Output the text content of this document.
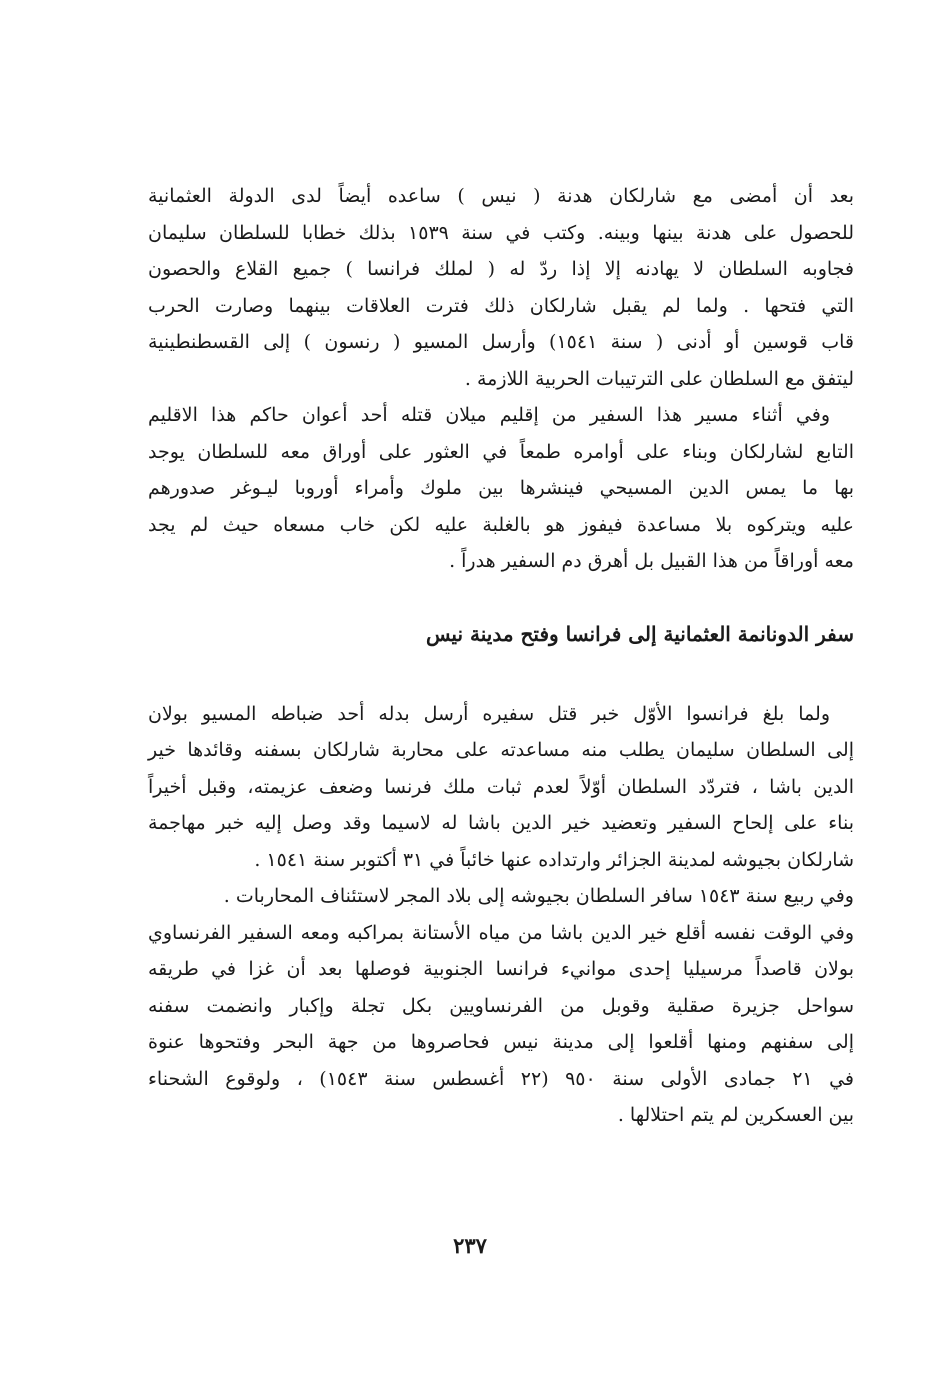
بعد أن أمضى مع شارلكان هدنة ( نيس ) ساعده أيضاً لدى الدولة العثمانية
للحصول على هدنة بينها وبينه. وكتب في سنة ١٥٣٩ بذلك خطابا للسلطان سليمان
فجاوبه السلطان لا يهادنه إلا إذا ردّ له ( لملك فرانسا ) جميع القلاع والحصون
التي فتحها . ولما لم يقبل شارلكان ذلك فترت العلاقات بينهما وصارت الحرب
قاب قوسين أو أدنى ( سنة ١٥٤١) وأرسل المسيو ( رنسون ) إلى القسطنطينية
ليتفق مع السلطان على الترتيبات الحربية اللازمة .
وفي أثناء مسير هذا السفير من إقليم ميلان قتله أحد أعوان حاكم هذا الاقليم
التابع لشارلكان وبناء على أوامره طمعاً في العثور على أوراق معه للسلطان يوجد
بها ما يمس الدين المسيحي فينشرها بين ملوك وأمراء أوروبا ليـوغر صدورهم
عليه ويتركوه بلا مساعدة فيفوز هو بالغلبة عليه لكن خاب مسعاه حيث لم يجد
معه أوراقاً من هذا القبيل بل أهرق دم السفير هدراً .
سفر الدونانمة العثمانية إلى فرانسا وفتح مدينة نيس
ولما بلغ فرانسوا الأوّل خبر قتل سفيره أرسل بدله أحد ضباطه المسيو بولان
إلى السلطان سليمان يطلب منه مساعدته على محاربة شارلكان بسفنه وقائدها خير
الدين باشا ، فتردّد السلطان أوّلاً لعدم ثبات ملك فرنسا وضعف عزيمته، وقبل أخيراً
بناء على إلحاح السفير وتعضيد خير الدين باشا له لاسيما وقد وصل إليه خبر مهاجمة
شارلكان بجيوشه لمدينة الجزائر وارتداده عنها خائباً في ٣١ أكتوبر سنة ١٥٤١ .
وفي ربيع سنة ١٥٤٣ سافر السلطان بجيوشه إلى بلاد المجر لاستئناف المحاربات .
وفي الوقت نفسه أقلع خير الدين باشا من مياه الأستانة بمراكبه ومعه السفير الفرنساوي
بولان قاصداً مرسيليا إحدى موانيء فرانسا الجنوبية فوصلها بعد أن غزا في طريقه
سواحل جزيرة صقلية وقوبل من الفرنساويين بكل تجلة وإكبار وانضمت سفنه
إلى سفنهم ومنها أقلعوا إلى مدينة نيس فحاصروها من جهة البحر وفتحوها عنوة
في ٢١ جمادى الأولى سنة ٩٥٠ (٢٢ أغسطس سنة ١٥٤٣) ، ولوقوع الشحناء
بين العسكرين لم يتم احتلالها .
٢٣٧
